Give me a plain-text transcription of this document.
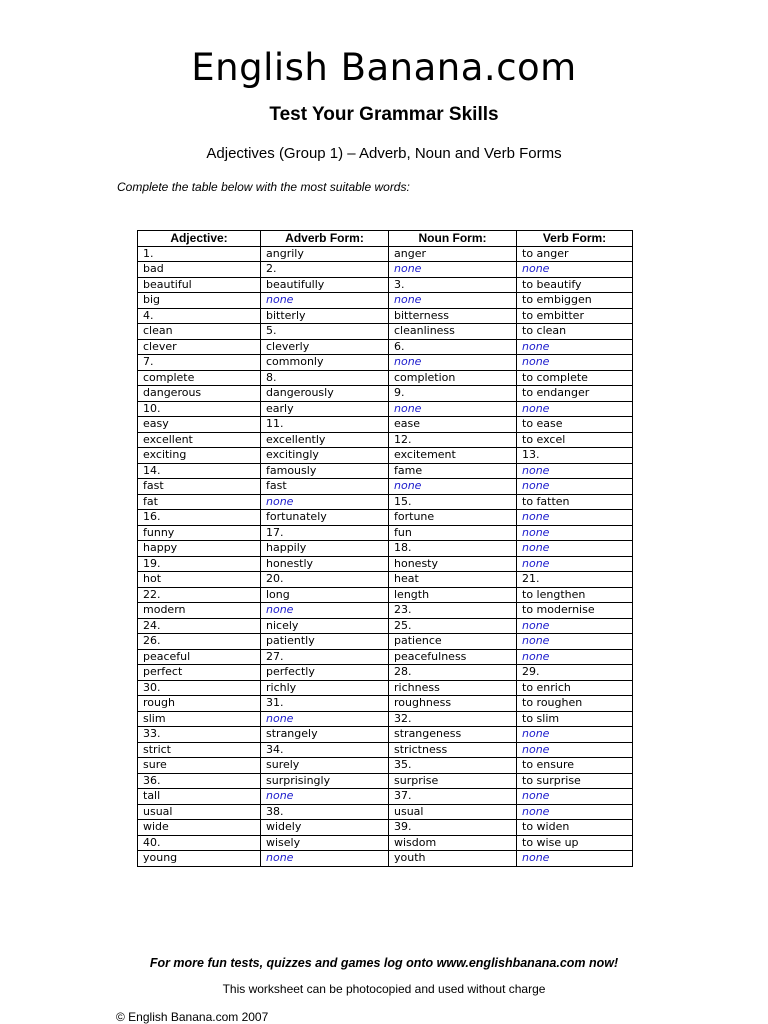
English Banana.com
Test Your Grammar Skills
Adjectives (Group 1) – Adverb, Noun and Verb Forms
Complete the table below with the most suitable words:
Adjective:	Adverb Form:	Noun Form:	Verb Form:
1.	angrily	anger	to anger
bad	2.	none	none
beautiful	beautifully	3.	to beautify
big	none	none	to embiggen
4.	bitterly	bitterness	to embitter
clean	5.	cleanliness	to clean
clever	cleverly	6.	none
7.	commonly	none	none
complete	8.	completion	to complete
dangerous	dangerously	9.	to endanger
10.	early	none	none
easy	11.	ease	to ease
excellent	excellently	12.	to excel
exciting	excitingly	excitement	13.
14.	famously	fame	none
fast	fast	none	none
fat	none	15.	to fatten
16.	fortunately	fortune	none
funny	17.	fun	none
happy	happily	18.	none
19.	honestly	honesty	none
hot	20.	heat	21.
22.	long	length	to lengthen
modern	none	23.	to modernise
24.	nicely	25.	none
26.	patiently	patience	none
peaceful	27.	peacefulness	none
perfect	perfectly	28.	29.
30.	richly	richness	to enrich
rough	31.	roughness	to roughen
slim	none	32.	to slim
33.	strangely	strangeness	none
strict	34.	strictness	none
sure	surely	35.	to ensure
36.	surprisingly	surprise	to surprise
tall	none	37.	none
usual	38.	usual	none
wide	widely	39.	to widen
40.	wisely	wisdom	to wise up
young	none	youth	none
For more fun tests, quizzes and games log onto www.englishbanana.com now!
This worksheet can be photocopied and used without charge
© English Banana.com 2007
